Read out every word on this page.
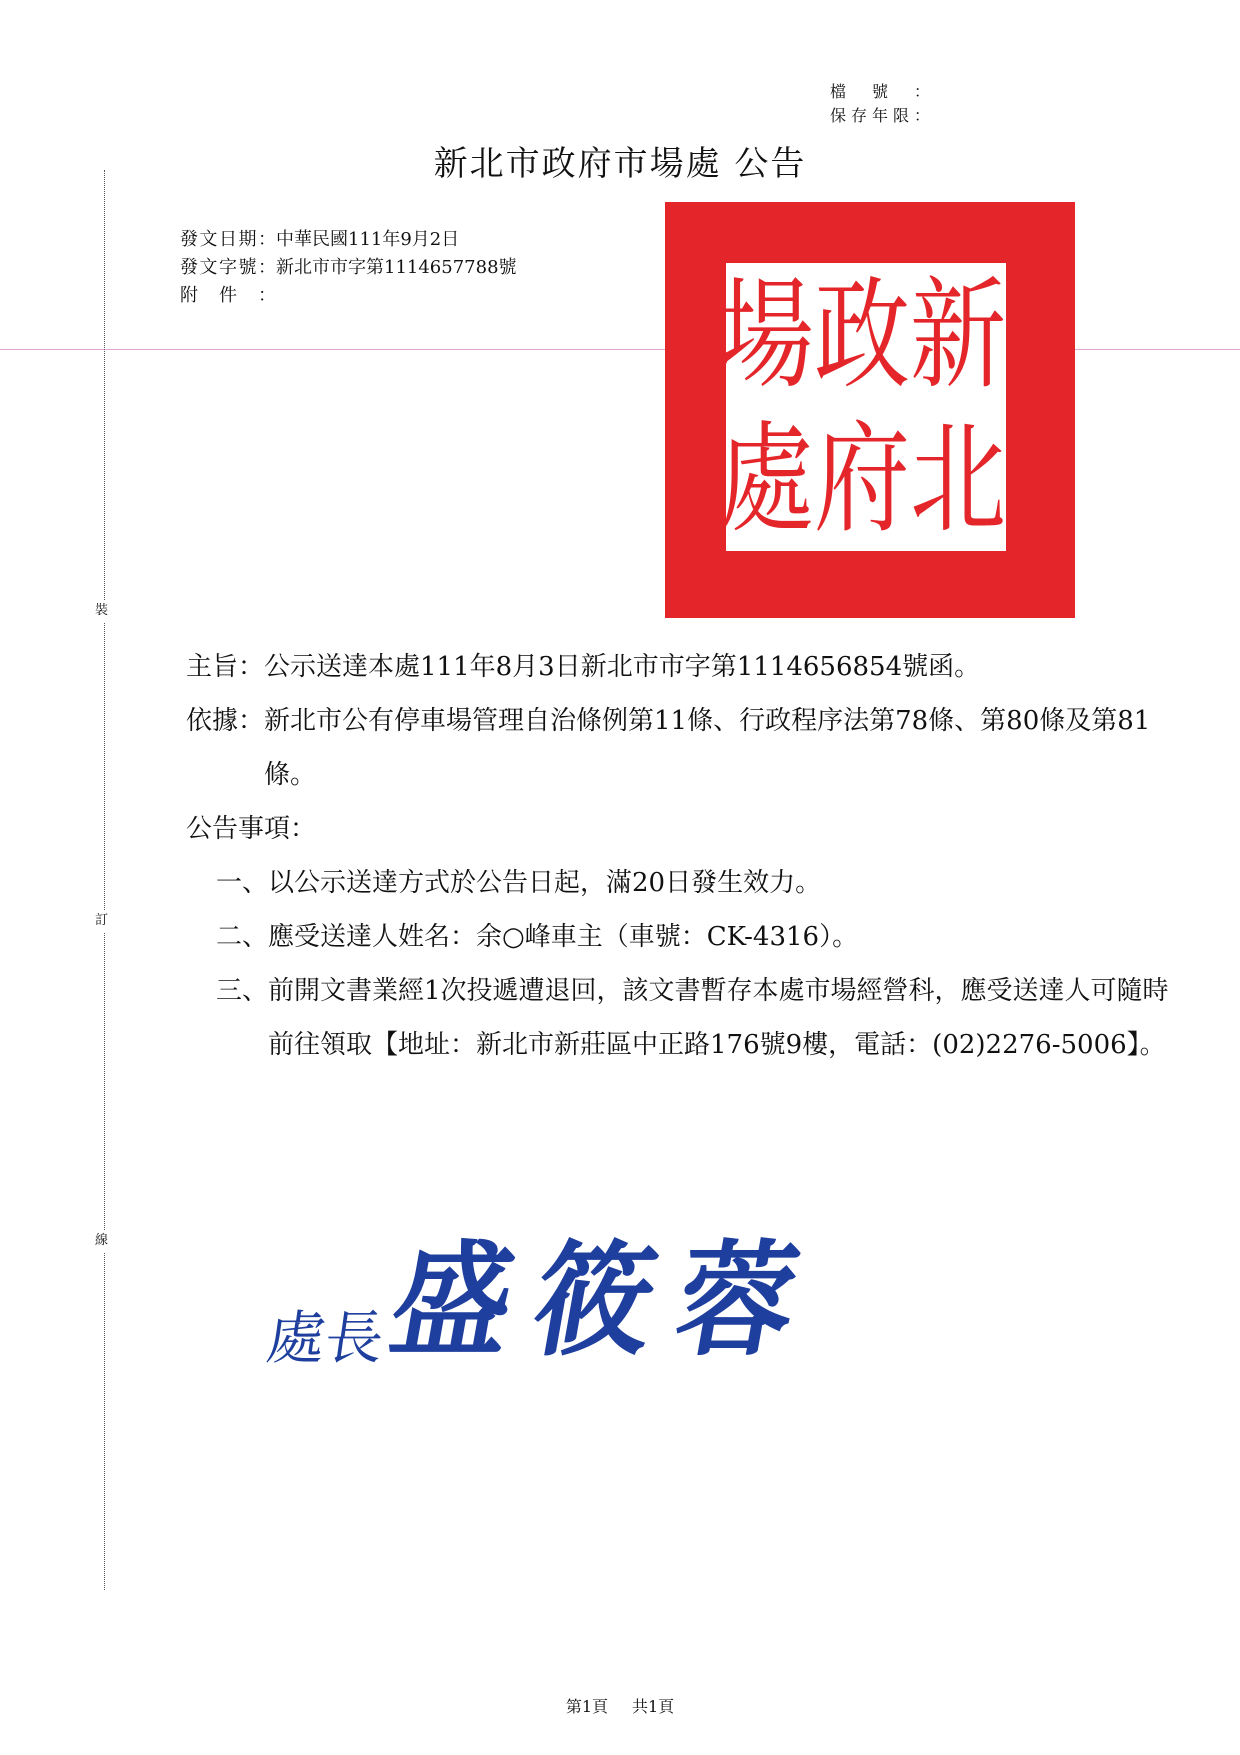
檔號：
保存年限：
新北市政府市場處 公告
裝
訂
線
發文日期： 中華民國111年9月2日
發文字號： 新北市市字第1114657788號
附件：	新
北
政
府
場
處
主旨： 公示送達本處111年8月3日新北市市字第1114656854號函。
依據： 新北市公有停車場管理自治條例第11條、行政程序法第78條、第80條及第81條。
公告事項：
一、 以公示送達方式於公告日起，滿20日發生效力。
二、 應受送達人姓名：余○峰車主（車號：CK-4316）。
三、 前開文書業經1次投遞遭退回，該文書暫存本處市場經營科，應受送達人可隨時前往領取【地址：新北市新莊區中正路176號9樓，電話：(02)2276-5006】。
處長盛筱蓉
第1頁 共1頁
